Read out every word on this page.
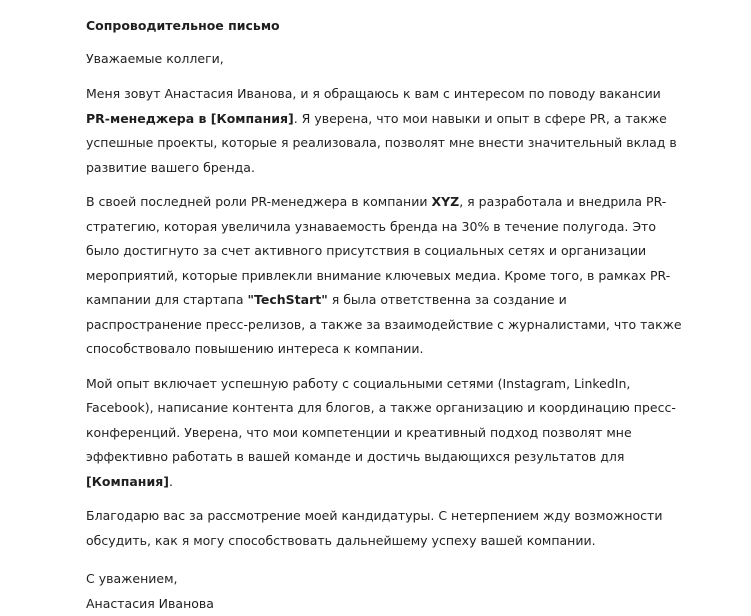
Сопроводительное письмо
Уважаемые коллеги,

Меня зовут Анастасия Иванова, и я обращаюсь к вам с интересом по поводу вакансии PR-менеджера в [Компания]. Я уверена, что мои навыки и опыт в сфере PR, а также успешные проекты, которые я реализовала, позволят мне внести значительный вклад в развитие вашего бренда.

В своей последней роли PR-менеджера в компании XYZ, я разработала и внедрила PR-стратегию, которая увеличила узнаваемость бренда на 30% в течение полугода. Это было достигнуто за счет активного присутствия в социальных сетях и организации мероприятий, которые привлекли внимание ключевых медиа. Кроме того, в рамках PR-кампании для стартапа "TechStart" я была ответственна за создание и распространение пресс-релизов, а также за взаимодействие с журналистами, что также способствовало повышению интереса к компании.

Мой опыт включает успешную работу с социальными сетями (Instagram, LinkedIn, Facebook), написание контента для блогов, а также организацию и координацию пресс-конференций. Уверена, что мои компетенции и креативный подход позволят мне эффективно работать в вашей команде и достичь выдающихся результатов для [Компания].

Благодарю вас за рассмотрение моей кандидатуры. С нетерпением жду возможности обсудить, как я могу способствовать дальнейшему успеху вашей компании.

С уважением,
Анастасия Иванова
